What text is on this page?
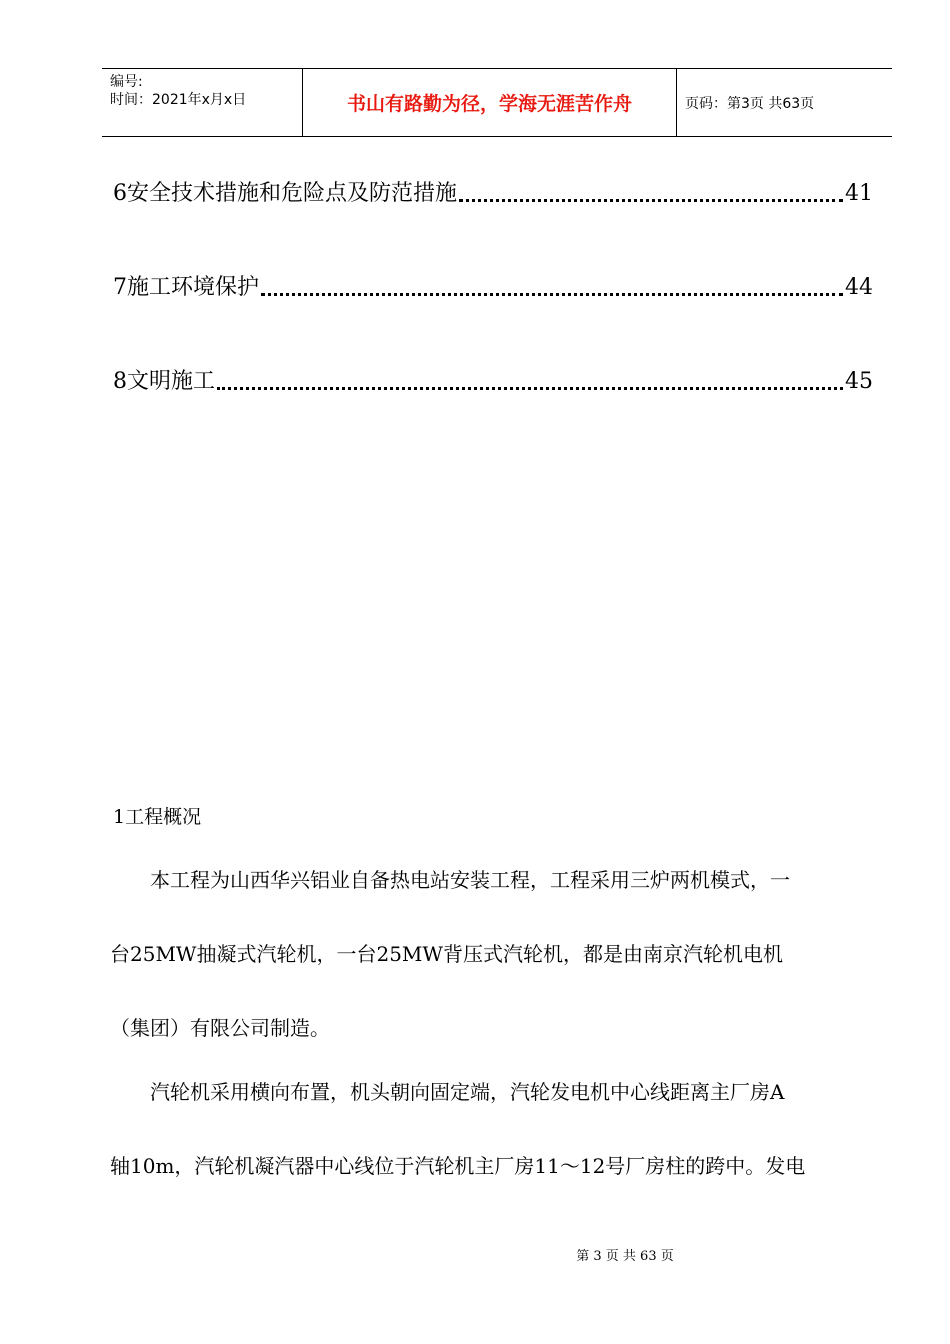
编号:
时间：2021年x月x日	书山有路勤为径，学海无涯苦作舟	页码：第3页 共63页
6安全技术措施和危险点及防范措施	41
7施工环境保护	44
8文明施工	45
1工程概况
　　本工程为山西华兴铝业自备热电站安装工程，工程采用三炉两机模式，一
台25MW抽凝式汽轮机，一台25MW背压式汽轮机，都是由南京汽轮机电机
（集团）有限公司制造。
　　汽轮机采用横向布置，机头朝向固定端，汽轮发电机中心线距离主厂房A
轴10m，汽轮机凝汽器中心线位于汽轮机主厂房11～12号厂房柱的跨中。发电
第 3 页 共 63 页
